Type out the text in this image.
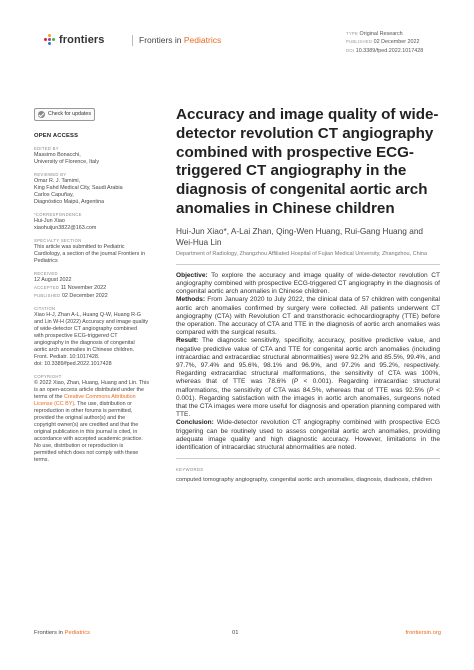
frontiers	Frontiers in Pediatrics
TYPE Original Research
PUBLISHED 02 December 2022
DOI 10.3389/fped.2022.1017428
Check for updates
OPEN ACCESS
EDITED BY
Massimo Bonacchi,
University of Florence, Italy
REVIEWED BY
Omar R. J. Tamimi,
King Fahd Medical City, Saudi Arabia
Carlos Capuñay,
Diagnóstico Maipú, Argentina
*CORRESPONDENCE
Hui-Jun Xiao
xiaohuijun3822@163.com
SPECIALTY SECTION
This article was submitted to Pediatric
Cardiology, a section of the journal Frontiers in
Pediatrics
RECEIVED
12 August 2022
ACCEPTED 11 November 2022
PUBLISHED 02 December 2022
CITATION
Xiao H-J, Zhan A-L, Huang Q-W, Huang R-G
and Lin W-H (2022) Accuracy and image quality
of wide-detector CT angiography combined
with prospective ECG-triggered CT
angiography in the diagnosis of congenital
aortic arch anomalies in Chinese children.
Front. Pediatr. 10:1017428.
doi: 10.3389/fped.2022.1017428
COPYRIGHT
© 2022 Xiao, Zhan, Huang, Huang and Lin. This
is an open-access article distributed under the
terms of the Creative Commons Attribution
License (CC BY). The use, distribution or
reproduction in other forums is permitted,
provided the original author(s) and the
copyright owner(s) are credited and that the
original publication in this journal is cited, in
accordance with accepted academic practice.
No use, distribution or reproduction is
permitted which does not comply with these
terms.
Accuracy and image quality of wide-detector revolution CT angiography combined with prospective ECG-triggered CT angiography in the diagnosis of congenital aortic arch anomalies in Chinese children
Hui-Jun Xiao*, A-Lai Zhan, Qing-Wen Huang, Rui-Gang Huang and Wei-Hua Lin
Department of Radiology, Zhangzhou Affiliated Hospital of Fujian Medical University, Zhangzhou, China

Objective: To explore the accuracy and image quality of wide-detector revolution CT angiography combined with prospective ECG-triggered CT angiography in the diagnosis of congenital aortic arch anomalies in Chinese children.

Methods: From January 2020 to July 2022, the clinical data of 57 children with congenital aortic arch anomalies confirmed by surgery were collected. All patients underwent CT angiography (CTA) with Revolution CT and transthoracic echocardiography (TTE) before the operation. The accuracy of CTA and TTE in the diagnosis of aortic arch anomalies was compared with the surgical results.

Result: The diagnostic sensitivity, specificity, accuracy, positive predictive value, and negative predictive value of CTA and TTE for congenital aortic arch anomalies (including intracardiac and extracardiac structural abnormalities) were 92.2% and 85.5%, 99.4%, and 97.7%, 97.4% and 95.6%, 98.1% and 96.9%, and 97.2% and 95.2%, respectively. Regarding extracardiac structural malformations, the sensitivity of CTA was 100%, whereas that of TTE was 78.6% (P < 0.001). Regarding intracardiac structural malformations, the sensitivity of CTA was 84.5%, whereas that of TTE was 92.5% (P < 0.001). Regarding satisfaction with the images in aortic arch anomalies, surgeons noted that the CTA images were more useful for diagnosis and operation planning compared with TTE.

Conclusion: Wide-detector revolution CT angiography combined with prospective ECG triggering can be routinely used to assess congenital aortic arch anomalies, providing adequate image quality and high diagnostic accuracy. However, limitations in the identification of intracardiac structural abnormalities are noted.

KEYWORDS
computed tomography angiography, congenital aortic arch anomalies, diagnosis, diadnosis, children
Frontiers in Pediatrics	01	frontiersin.org
